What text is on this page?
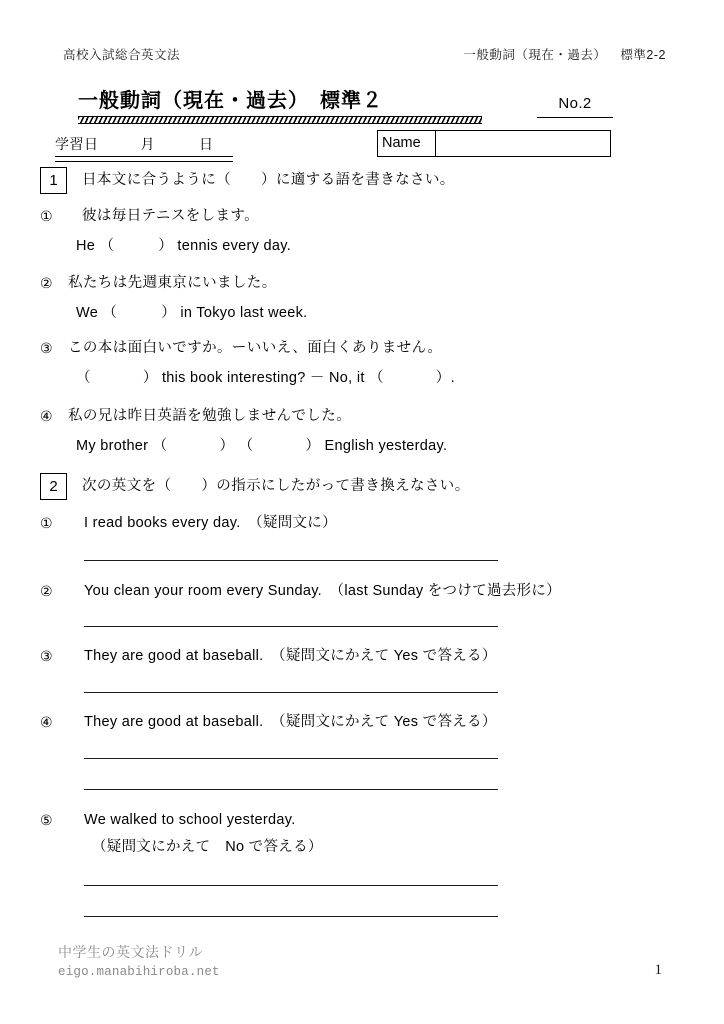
高校入試総合英文法	一般動詞（現在・過去） 標準2-2
一般動詞（現在・過去）　標準２	No.2
学習日	月	日	Name
1	日本文に合うように（ ）に適する語を書きなさい。
①	彼は毎日テニスをします。
He （	） tennis every day.
②	私たちは先週東京にいました。
We （	） in Tokyo last week.
③	この本は面白いですか。ーいいえ、面白くありません。
（	） this book interesting? － No, it （	）.
④	私の兄は昨日英語を勉強しませんでした。
My brother （	） （	） English yesterday.
2	次の英文を（ ）の指示にしたがって書き換えなさい。
①	I read books every day.　（疑問文に）
②	You clean your room every Sunday.　（last Sunday をつけて過去形に）
③	They are good at baseball.　（疑問文にかえて Yes で答える）
④	They are good at baseball.　（疑問文にかえて Yes で答える）
⑤	We walked to school yesterday.
（疑問文にかえて　No で答える）
中学生の英文法ドリル
eigo.manabihiroba.net	1
